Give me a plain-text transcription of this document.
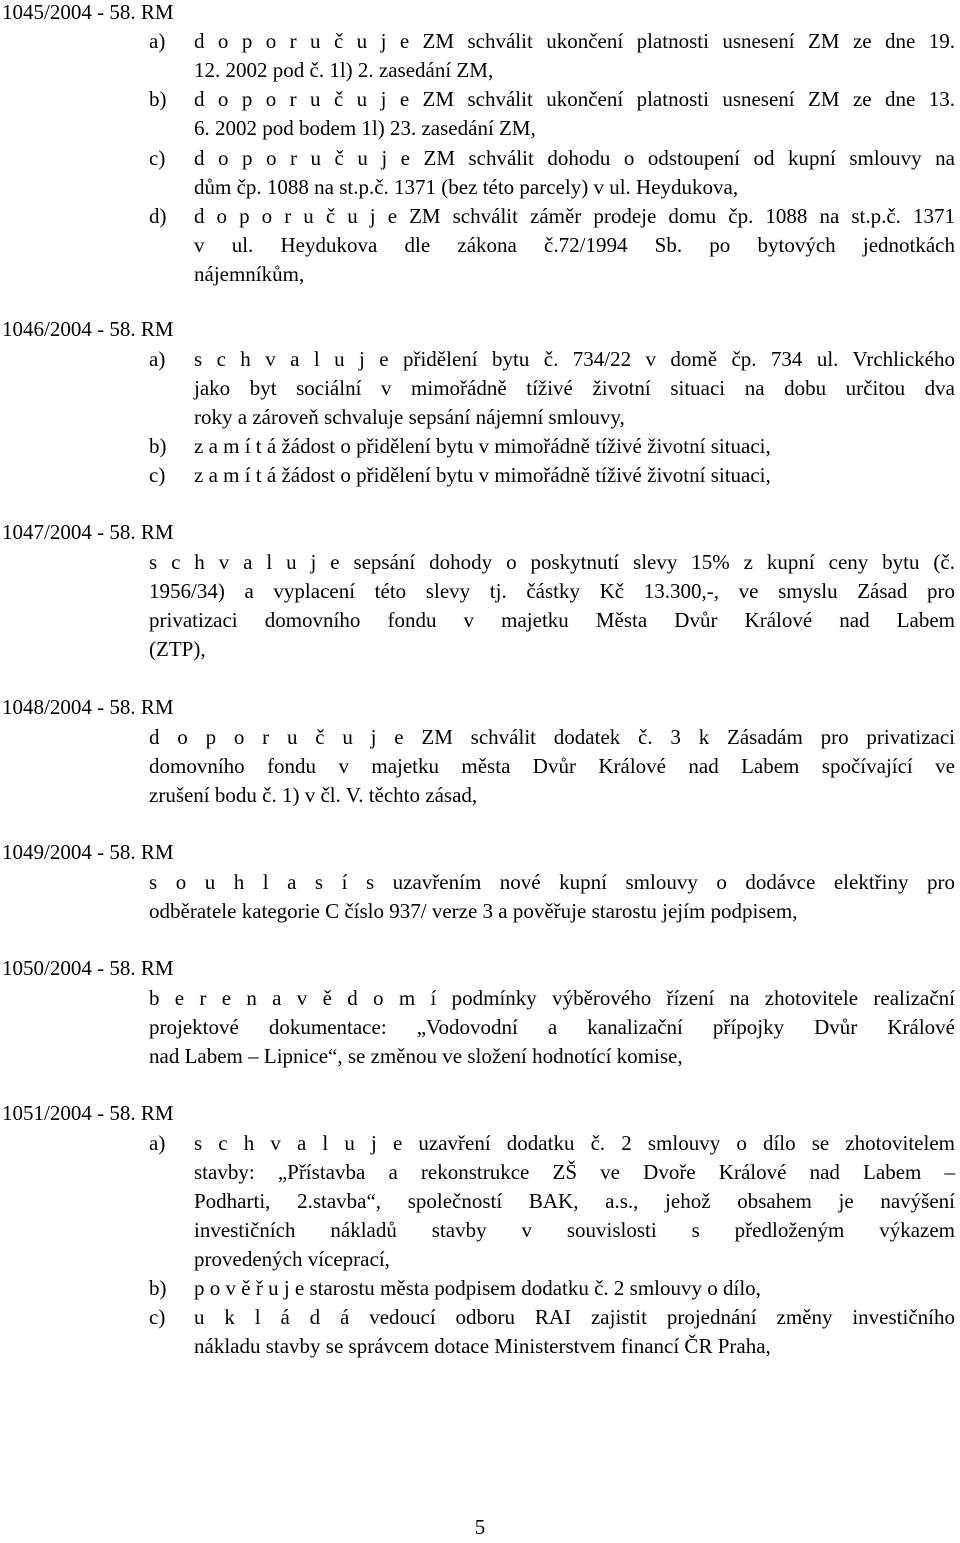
1045/2004 - 58. RM
a) d o p o r u č u j e ZM schválit ukončení platnosti usnesení ZM ze dne 19.
12. 2002 pod č. 1l) 2. zasedání ZM,
b) d o p o r u č u j e ZM schválit ukončení platnosti usnesení ZM ze dne 13.
6. 2002 pod bodem 1l) 23. zasedání ZM,
c) d o p o r u č u j e ZM schválit dohodu o odstoupení od kupní smlouvy na
dům čp. 1088 na st.p.č. 1371 (bez této parcely) v ul. Heydukova,
d) d o p o r u č u j e ZM schválit záměr prodeje domu čp. 1088 na st.p.č. 1371
v ul. Heydukova dle zákona č.72/1994 Sb. po bytových jednotkách
nájemníkům,
1046/2004 - 58. RM
a) s c h v a l u j e přidělení bytu č. 734/22 v domě čp. 734 ul. Vrchlického
jako byt sociální v mimořádně tíživé životní situaci na dobu určitou dva
roky a zároveň schvaluje sepsání nájemní smlouvy,
b) z a m í t á žádost o přidělení bytu v mimořádně tíživé životní situaci,
c) z a m í t á žádost o přidělení bytu v mimořádně tíživé životní situaci,
1047/2004 - 58. RM
s c h v a l u j e sepsání dohody o poskytnutí slevy 15% z kupní ceny bytu (č.
1956/34) a vyplacení této slevy tj. částky Kč 13.300,-, ve smyslu Zásad pro
privatizaci domovního fondu v majetku Města Dvůr Králové nad Labem
(ZTP),
1048/2004 - 58. RM
d o p o r u č u j e ZM schválit dodatek č. 3 k Zásadám pro privatizaci
domovního fondu v majetku města Dvůr Králové nad Labem spočívající ve
zrušení bodu č. 1) v čl. V. těchto zásad,
1049/2004 - 58. RM
s o u h l a s í s uzavřením nové kupní smlouvy o dodávce elektřiny pro
odběratele kategorie C číslo 937/ verze 3 a pověřuje starostu jejím podpisem,
1050/2004 - 58. RM
b e r e n a v ě d o m í podmínky výběrového řízení na zhotovitele realizační
projektové dokumentace: „Vodovodní a kanalizační přípojky Dvůr Králové
nad Labem – Lipnice“, se změnou ve složení hodnotící komise,
1051/2004 - 58. RM
a) s c h v a l u j e uzavření dodatku č. 2 smlouvy o dílo se zhotovitelem
stavby: „Přístavba a rekonstrukce ZŠ ve Dvoře Králové nad Labem –
Podharti, 2.stavba“, společností BAK, a.s., jehož obsahem je navýšení
investičních nákladů stavby v souvislosti s předloženým výkazem
provedených víceprací,
b) p o v ě ř u j e starostu města podpisem dodatku č. 2 smlouvy o dílo,
c) u k l á d á vedoucí odboru RAI zajistit projednání změny investičního
nákladu stavby se správcem dotace Ministerstvem financí ČR Praha,
5
